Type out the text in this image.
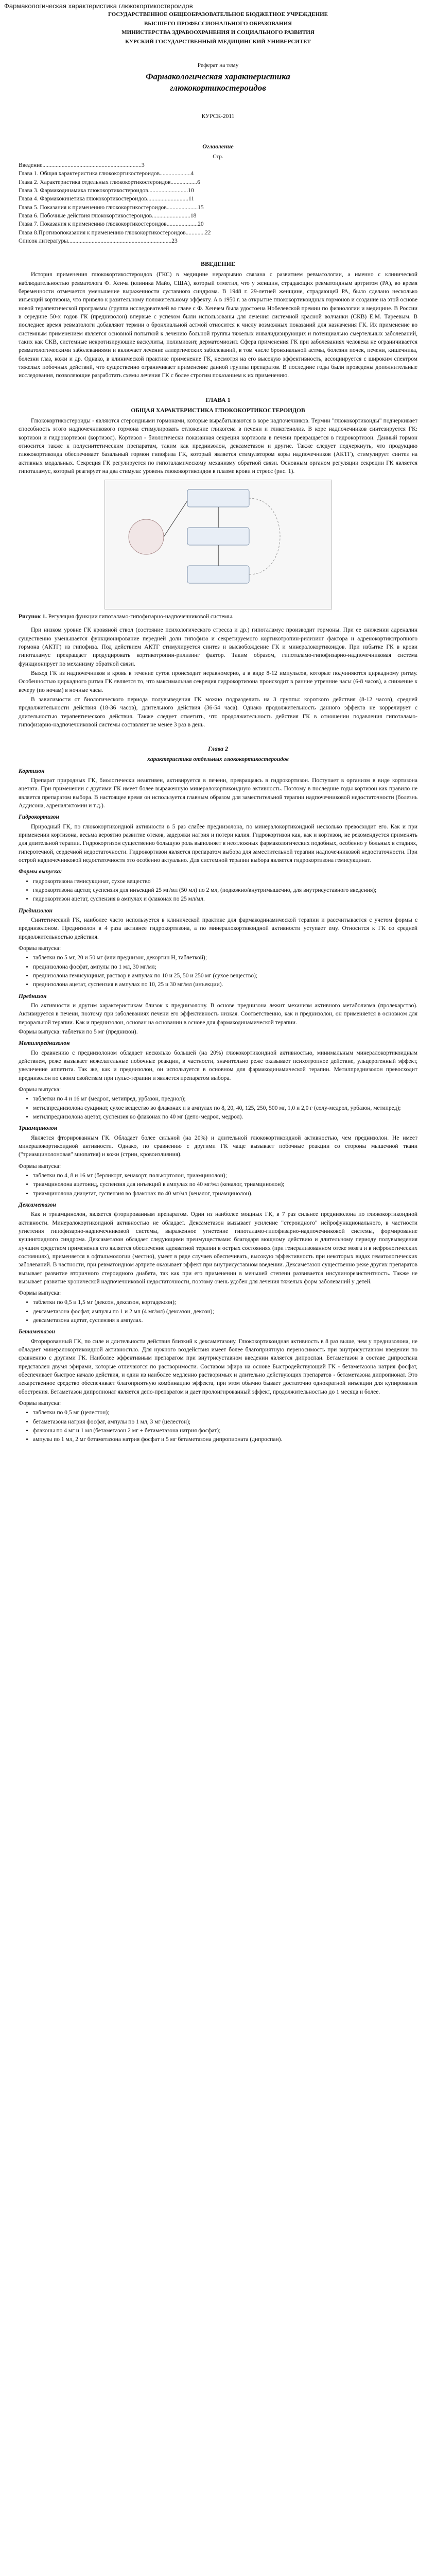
Фармакологическая характеристика глюкокортикостероидов
ГОСУДАРСТВЕННОЕ ОБЩЕОБРАЗОВАТЕЛЬНОЕ БЮДЖЕТНОЕ УЧРЕЖДЕНИЕ
ВЫСШЕГО ПРОФЕССИОНАЛЬНОГО ОБРАЗОВАНИЯ
МИНИСТЕРСТВА ЗДРАВООХРАНЕНИЯ И СОЦИАЛЬНОГО РАЗВИТИЯ
КУРСКИЙ ГОСУДАРСТВЕННЫЙ МЕДИЦИНСКИЙ УНИВЕРСИТЕТ
Реферат на тему
Фармакологическая характеристика
глюкокортикостероидов
КУРСК-2011
Оглавление
Стр.
Введение...................................................................3
Глава 1. Общая характеристика глюкокортикостероидов.....................4
Глава 2. Характеристика отдельных глюкокортикостероидов..................6
Глава 3. Фармакодинамика глюкокортикостероидов...........................10
Глава 4. Фармакокинетика глюкокортикостероидов............................11
Глава 5. Показания к применению глюкокортикостероидов.....................15
Глава 6. Побочные действия глюкокортикостероидов..........................18
Глава 7. Показания к применению глюкокортикостероидов.....................20
Глава 8.Противопоказания к применению глюкокортикостероидов.............22
Список литературы......................................................................23
ВВЕДЕНИЕ

История применения глюкокортикостероидов (ГКС) в медицине неразрывно связана с развитием ревматологии, а именно с клинической наблюдательностью ревматолога Ф. Хенча (клиника Майо, США), который отметил, что у женщин, страдающих ревматоидным артритом (РА), во время беременности отмечается уменьшение выраженности суставного синдрома. В 1948 г. 29-летней женщине, страдающей РА, было сделано несколько инъекций кортизона, что привело к разительному положительному эффекту. А в 1950 г. за открытие глюкокортикоидных гормонов и создание на этой основе новой терапевтической программы (группа исследователей во главе с Ф. Хенчем была удостоена Нобелевской премии по физиологии и медицине. В России в середине 50-х годов ГК (преднизолон) впервые с успехом были использованы для лечения системной красной волчанки (СКВ) Е.М. Тареевым. В последнее время ревматологи добавляют термин о бронхиальной астмой относится к числу возможных показаний для назначения ГК. Их применение во системным применением является основной попыткой к лечению больной группы тяжелых инвалидизирующих и потенциально смертельных заболеваний, таких как СКВ, системные некротизирующие васкулиты, полимиозит, дерматомиозит. Сфера применения ГК при заболеваниях человека не ограничивается ревматологическими заболеваниями и включает лечение аллергических заболеваний, в том числе бронхиальной астмы, болезни почек, печени, кишечника, болезни глаз, кожи и др. Однако, в клинической практике применение ГК, несмотря на его высокую эффективность, ассоциируется с широким спектром тяжелых побочных действий, что существенно ограничивает применение данной группы препаратов. В последние годы были проведены дополнительные исследования, позволяющие разработать схемы лечения ГК с более строгим показанием к их применению.

ГЛАВА 1
ОБЩАЯ ХАРАКТЕРИСТИКА ГЛЮКОКОРТИКОСТЕРОИДОВ

Глюкокортикостероиды - являются стероидными гормонами, которые вырабатываются в коре надпочечников. Термин "глюкокортикоиды" подчеркивает способность этого надпочечникового гормона стимулировать отложение гликогена в печени и гликогенолиз. В коре надпочечников синтезируется ГК: кортизон и гидрокортизон (кортизол). Кортизол - биологически показанная секреция кортизола в печени превращается в гидрокортизон. Данный гормон относится также к полусинтетическим препаратам, таким как преднизолон, дексаметазон и другие. Также следует подчеркнуть, что продукцию глюкокортикоида обеспечивает базальный гормон гипофиза ГК, который является стимулятором коры надпочечников (АКТГ), стимулирует синтез на активных модальных. Секреция ГК регулируется по гипоталамическому механизму обратной связи. Основным органом регуляции секреции ГК является гипоталамус, который реагирует на два стимула: уровень глюкокортикоидов в плазме крови и стресс (рис. 1).

Рисунок 1. Регуляция функции гипоталамо-гипофизарно-надпочечниковой системы.

При низком уровне ГК кровяной ствол (состояние психологического стресса и др.) гипоталамус производит гормоны. При ее снижении адреналин существенно уменьшается функционирование передней доли гипофиза и секретируемого кортикотропин-рилизинг фактора и адренокортикотропного гормона (АКТГ) из гипофиза. Под действием АКТГ стимулируется синтез и высвобождение ГК и минералокортикоидов. При избытке ГК в крови гипоталамус прекращает продуцировать кортикотропин-рилизинг фактор. Таким образом, гипоталамо-гипофизарно-надпочечниковая система функционирует по механизму обратной связи.

Выход ГК из надпочечников в кровь в течение суток происходит неравномерно, а в виде 8-12 импульсов, которые подчиняются циркадному ритму. Особенностью циркадного ритма ГК является то, что максимальная секреция гидрокортизона происходит в ранние утренние часы (6-8 часов), а снижение к вечеру (по ночам) в ночные часы.

В зависимости от биологического периода полувыведения ГК можно подразделить на 3 группы: короткого действия (8-12 часов), средней продолжительности действия (18-36 часов), длительного действия (36-54 часа). Однако продолжительность данного эффекта не коррелирует с длительностью терапевтического действия. Также следует отметить, что продолжительность действия ГК в отношении подавления гипоталамо-гипофизарно-надпочечниковой системы составляет не менее 3 раз в день.

Глава 2
характеристика отдельных глюкокортикостероидов
Кортизон

Препарат природных ГК, биологически неактивен, активируется в печени, превращаясь в гидрокортизон. Поступает в организм в виде кортизона ацетата. При применении с другими ГК имеет более выраженную минералокортикоидную активность. Поэтому в последние годы кортизон как правило не является препаратом выбора. В настоящее время он используется главным образом для заместительной терапии надпочечниковой недостаточности (болезнь Аддисона, адреналэктомии и т.д.).

Гидрокортизон

Природный ГК, по глюкокортикоидной активности в 5 раз слабее преднизолона, по минералокортикоидной несколько превосходит его. Как и при применении кортизона, весьма вероятно развитие отеков, задержки натрия и потери калия. Гидрокортизон как, как и кортизон, не рекомендуется применять для длительной терапии. Гидрокортизон существенно большую роль выполняет в неотложных фармакологических подобных, особенно у больных в стадиях, гиперотечной, сердечной недостаточности. Гидрокортизон является препаратом выбора для заместительной терапии надпочечниковой недостаточности. При острой надпочечниковой недостаточности это особенно актуально. Для системной терапии выбора является гидрокортизона гемисукцинат.

Формы выпуска:
• гидрокортизона гемисукцинат, сухое вещество
• гидрокортизона ацетат, суспензия для инъекций 25 мг/мл (50 мл) по 2 мл, (подкожно/внутримышечно, для внутрисуставного введения);
• гидрокортизон ацетат, суспензия в ампулах и флаконах по 25 мл/мл.
Преднизолон

Синтетический ГК, наиболее часто используется в клинической практике для фармакодинамической терапии и рассчитывается с учетом формы с преднизолоном. Преднизолон в 4 раза активнее гидрокортизона, а по минералокортикоидной активности уступает ему. Относится к ГК со средней продолжительностью действия.

Формы выпуска:
• таблетки по 5 мг, 20 и 50 мг (или преднизон, декортин Н, таблеткой);
• преднизолона фосфат, ампулы по 1 мл, 30 мг/мл;
• преднизолона гемисукцинат, раствор в ампулах по 10 и 25, 50 и 250 мг (сухое вещество);
• преднизолона ацетат, суспензия в ампулах по 10, 25 и 30 мг/мл (инъекции).
Преднизон

По активности и другим характеристикам близок к преднизолону. В основе преднизона лежит механизм активного метаболизма (пролекарство). Активируется в печени, поэтому при заболеваниях печени его эффективность низкая. Соответственно, как и преднизолон, он применяется в основном для пероральной терапии. Как и преднизолон, основан на основании в основе для фармакодинамической терапии.

Формы выпуска: таблетки по 5 мг (преднизон).

Метилпреднизолон

По сравнению с преднизолоном обладает несколько большей (на 20%) глюкокортикоидной активностью, минимальным минералокортикоидным действием, реже вызывает нежелательные побочные реакции, в частности, значительно реже оказывает психотропное действие, ульцерогенный эффект, увеличение аппетита. Так же, как и преднизолон, он используется в основном для фармакодинамической терапии. Метилпреднизолон превосходит преднизолон по своим свойствам при пульс-терапии и является препаратом выбора.

Формы выпуска:
• таблетки по 4 и 16 мг (медрол, метипред, урбазон, преднол);
• метилпреднизолона сукцинат, сухое вещество во флаконах и в ампулах по 8, 20, 40, 125, 250, 500 мг, 1,0 и 2,0 г (солу-медрол, урбазон, метипред);
• метилпреднизолона ацетат, суспензия во флаконах по 40 мг (депо-медрол, медрол).
Триамцинолон

Является фторированным ГК. Обладает более сильной (на 20%) и длительной глюкокортикоидной активностью, чем преднизолон. Не имеет минералокортикоидной активности. Однако, по сравнению с другими ГК чаще вызывает побочные реакции со стороны мышечной ткани ("триамцинолоновая" миопатия) и кожи (стрии, кровоизлияния).

Формы выпуска:
• таблетки по 4, 8 и 16 мг (берликорт, кенакорт, полькортолон, триамцинолон);
• триамцинолона ацетонид, суспензия для инъекций в ампулах по 40 мг/мл (кеналог, триамцинолон);
• триамцинолона диацетат, суспензия во флаконах по 40 мг/мл (кеналог, триамцинолон).
Дексаметазон

Как и триамцинолон, является фторированным препаратом. Один из наиболее мощных ГК, в 7 раз сильнее преднизолона по глюкокортикоидной активности. Минералокортикоидной активностью не обладает. Дексаметазон вызывает усиление "стероидного" нейрофункционального, в частности угнетения гипофизарно-надпочечниковой системы, выраженное угнетение гипоталамо-гипофизарно-надпочечниковой системы, формирование кушингоидного синдрома. Дексаметазон обладает следующими преимуществами: благодаря мощному действию и длительному периоду полувыведения лучшим средством применения его является обеспечение адекватной терапии в острых состояниях (при генерализованном отеке мозга и в нефрологических состояниях), применяется в офтальмологии (местно), умеет в ряде случаев обеспечивать, высокую эффективность при некоторых видах гематологических заболеваний. В частности, при ревматоидном артрите оказывает эффект при внутрисуставном введении. Дексаметазон существенно реже других препаратов вызывает развитие вторичного стероидного диабета, так как при его применении в меньшей степени развивается инсулинорезистентность. Также не вызывает развитие хронической надпочечниковой недостаточности, поэтому очень удобен для лечения тяжелых форм заболеваний у детей.

Формы выпуска:
• таблетки по 0,5 и 1,5 мг (дексон, дексазон, кортадексон);
• дексаметазона фосфат, ампулы по 1 и 2 мл (4 мг/мл) (дексазон, дексон);
• дексаметазона ацетат, суспензия в ампулах.
Бетаметазон

Фторированный ГК, по силе и длительности действия близкий к дексаметазону. Глюкокортикоидная активность в 8 раз выше, чем у преднизолона, не обладает минералокортикоидной активностью. Для нужного воздействия имеет более благоприятную переносимость при внутрисуставном введении по сравнению с другими ГК. Наиболее эффективным препаратом при внутрисуставном введении является дипроспан. Бетаметазон в составе дипроспана представлен двумя эфирами, которые отличаются по растворимости. Составом эфира на основе Быстродействующий ГК - бетаметазона натрия фосфат, обеспечивает быстрое начало действия, и один из наиболее медленно растворимых и длительно действующих препаратов - бетаметазона дипропионат. Это лекарственное средство обеспечивает благоприятную комбинацию эффекта, при этом обычно бывает достаточно однократной инъекции для купирования обострения. Бетаметазон дипропионат является депо-препаратом и дает пролонгированный эффект, продолжительностью до 1 месяца и более.

Формы выпуска:
• таблетки по 0,5 мг (целестон);
• бетаметазона натрия фосфат, ампулы по 1 мл, 3 мг (целестон);
• флаконы по 4 мг и 1 мл (бетаметазон 2 мг + бетаметазона натрия фосфат);
• ампулы по 1 мл, 2 мг бетаметазона натрия фосфат и 5 мг бетаметазона дипропионата (дипроспан).
